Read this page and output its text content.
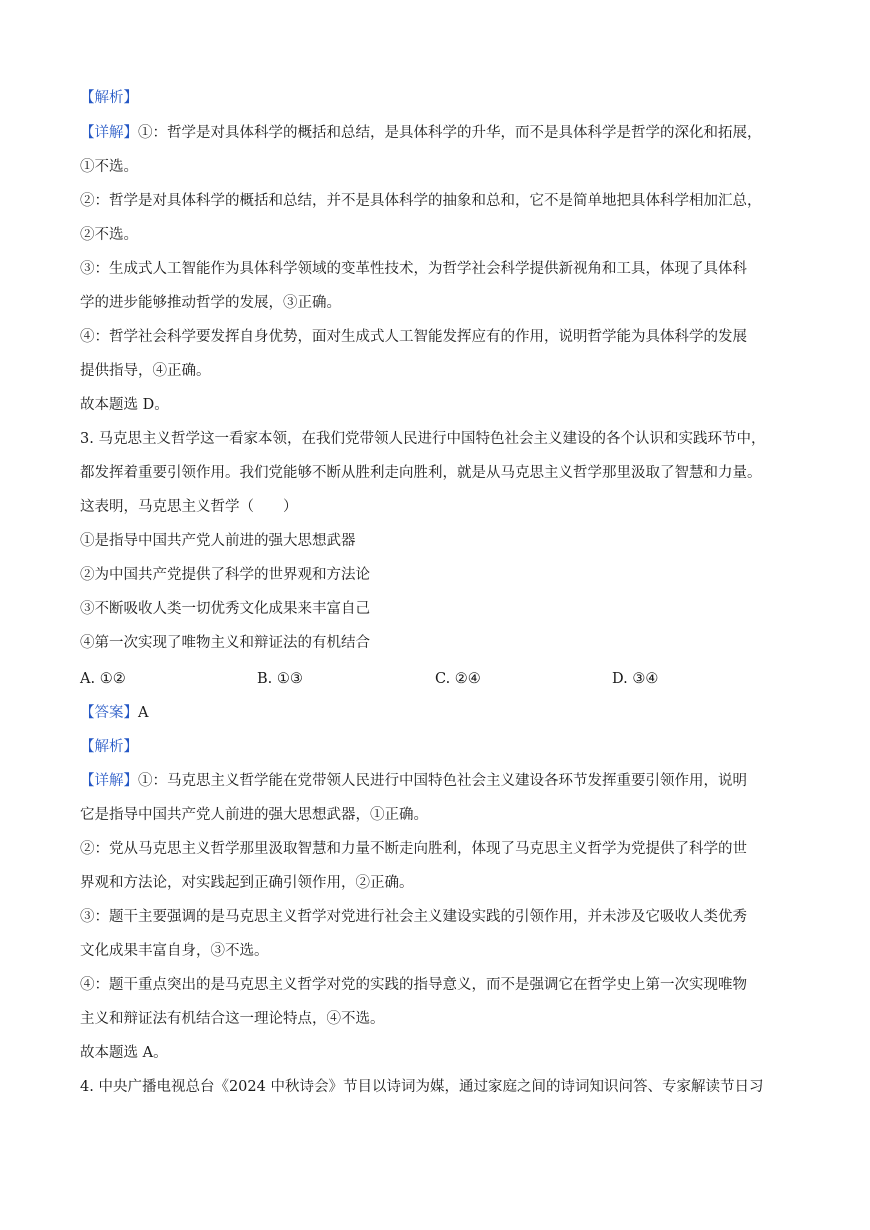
【解析】
【详解】①：哲学是对具体科学的概括和总结，是具体科学的升华，而不是具体科学是哲学的深化和拓展，
①不选。
②：哲学是对具体科学的概括和总结，并不是具体科学的抽象和总和，它不是简单地把具体科学相加汇总，
②不选。
③：生成式人工智能作为具体科学领域的变革性技术，为哲学社会科学提供新视角和工具，体现了具体科
学的进步能够推动哲学的发展，③正确。
④：哲学社会科学要发挥自身优势，面对生成式人工智能发挥应有的作用，说明哲学能为具体科学的发展
提供指导，④正确。
故本题选 D。
3. 马克思主义哲学这一看家本领，在我们党带领人民进行中国特色社会主义建设的各个认识和实践环节中，
都发挥着重要引领作用。我们党能够不断从胜利走向胜利，就是从马克思主义哲学那里汲取了智慧和力量。
这表明，马克思主义哲学（　　）
①是指导中国共产党人前进的强大思想武器
②为中国共产党提供了科学的世界观和方法论
③不断吸收人类一切优秀文化成果来丰富自己
④第一次实现了唯物主义和辩证法的有机结合
A. ①②	B. ①③	C. ②④	D. ③④
【答案】A
【解析】
【详解】①：马克思主义哲学能在党带领人民进行中国特色社会主义建设各环节发挥重要引领作用，说明
它是指导中国共产党人前进的强大思想武器，①正确。
②：党从马克思主义哲学那里汲取智慧和力量不断走向胜利，体现了马克思主义哲学为党提供了科学的世
界观和方法论，对实践起到正确引领作用，②正确。
③：题干主要强调的是马克思主义哲学对党进行社会主义建设实践的引领作用，并未涉及它吸收人类优秀
文化成果丰富自身，③不选。
④：题干重点突出的是马克思主义哲学对党的实践的指导意义，而不是强调它在哲学史上第一次实现唯物
主义和辩证法有机结合这一理论特点，④不选。
故本题选 A。
4. 中央广播电视总台《2024 中秋诗会》节目以诗词为媒，通过家庭之间的诗词知识问答、专家解读节日习
